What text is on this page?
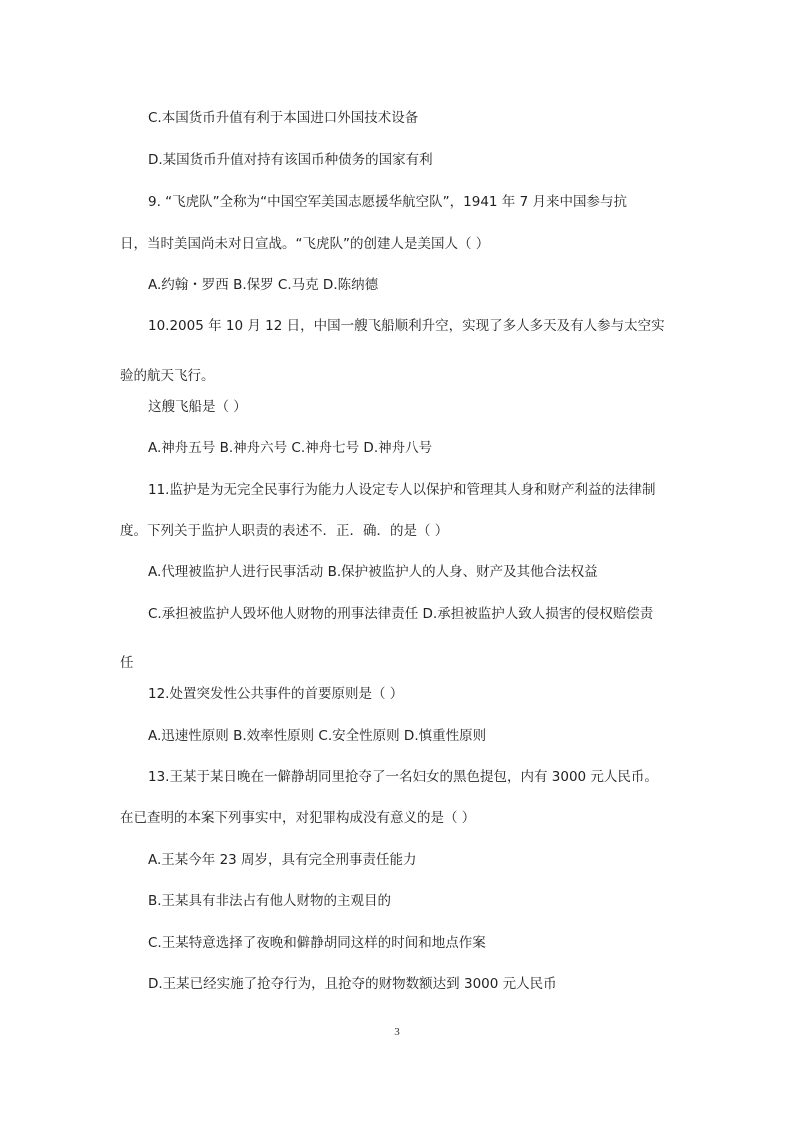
C.本国货币升值有利于本国进口外国技术设备
D.某国货币升值对持有该国币种债务的国家有利
9. “飞虎队”全称为“中国空军美国志愿援华航空队”，1941 年 7 月来中国参与抗
日，当时美国尚未对日宣战。“飞虎队”的创建人是美国人（ ）
A.约翰・罗西 B.保罗 C.马克 D.陈纳德
10.2005 年 10 月 12 日，中国一艘飞船顺利升空，实现了多人多天及有人参与太空实
验的航天飞行。
这艘飞船是（ ）
A.神舟五号 B.神舟六号 C.神舟七号 D.神舟八号
11.监护是为无完全民事行为能力人设定专人以保护和管理其人身和财产利益的法律制
度。下列关于监护人职责的表述不．正．确．的是（ ）
A.代理被监护人进行民事活动 B.保护被监护人的人身、财产及其他合法权益
C.承担被监护人毁坏他人财物的刑事法律责任 D.承担被监护人致人损害的侵权赔偿责
任
12.处置突发性公共事件的首要原则是（ ）
A.迅速性原则 B.效率性原则 C.安全性原则 D.慎重性原则
13.王某于某日晚在一僻静胡同里抢夺了一名妇女的黑色提包，内有 3000 元人民币。
在已查明的本案下列事实中，对犯罪构成没有意义的是（ ）
A.王某今年 23 周岁，具有完全刑事责任能力
B.王某具有非法占有他人财物的主观目的
C.王某特意选择了夜晚和僻静胡同这样的时间和地点作案
D.王某已经实施了抢夺行为，且抢夺的财物数额达到 3000 元人民币
3
